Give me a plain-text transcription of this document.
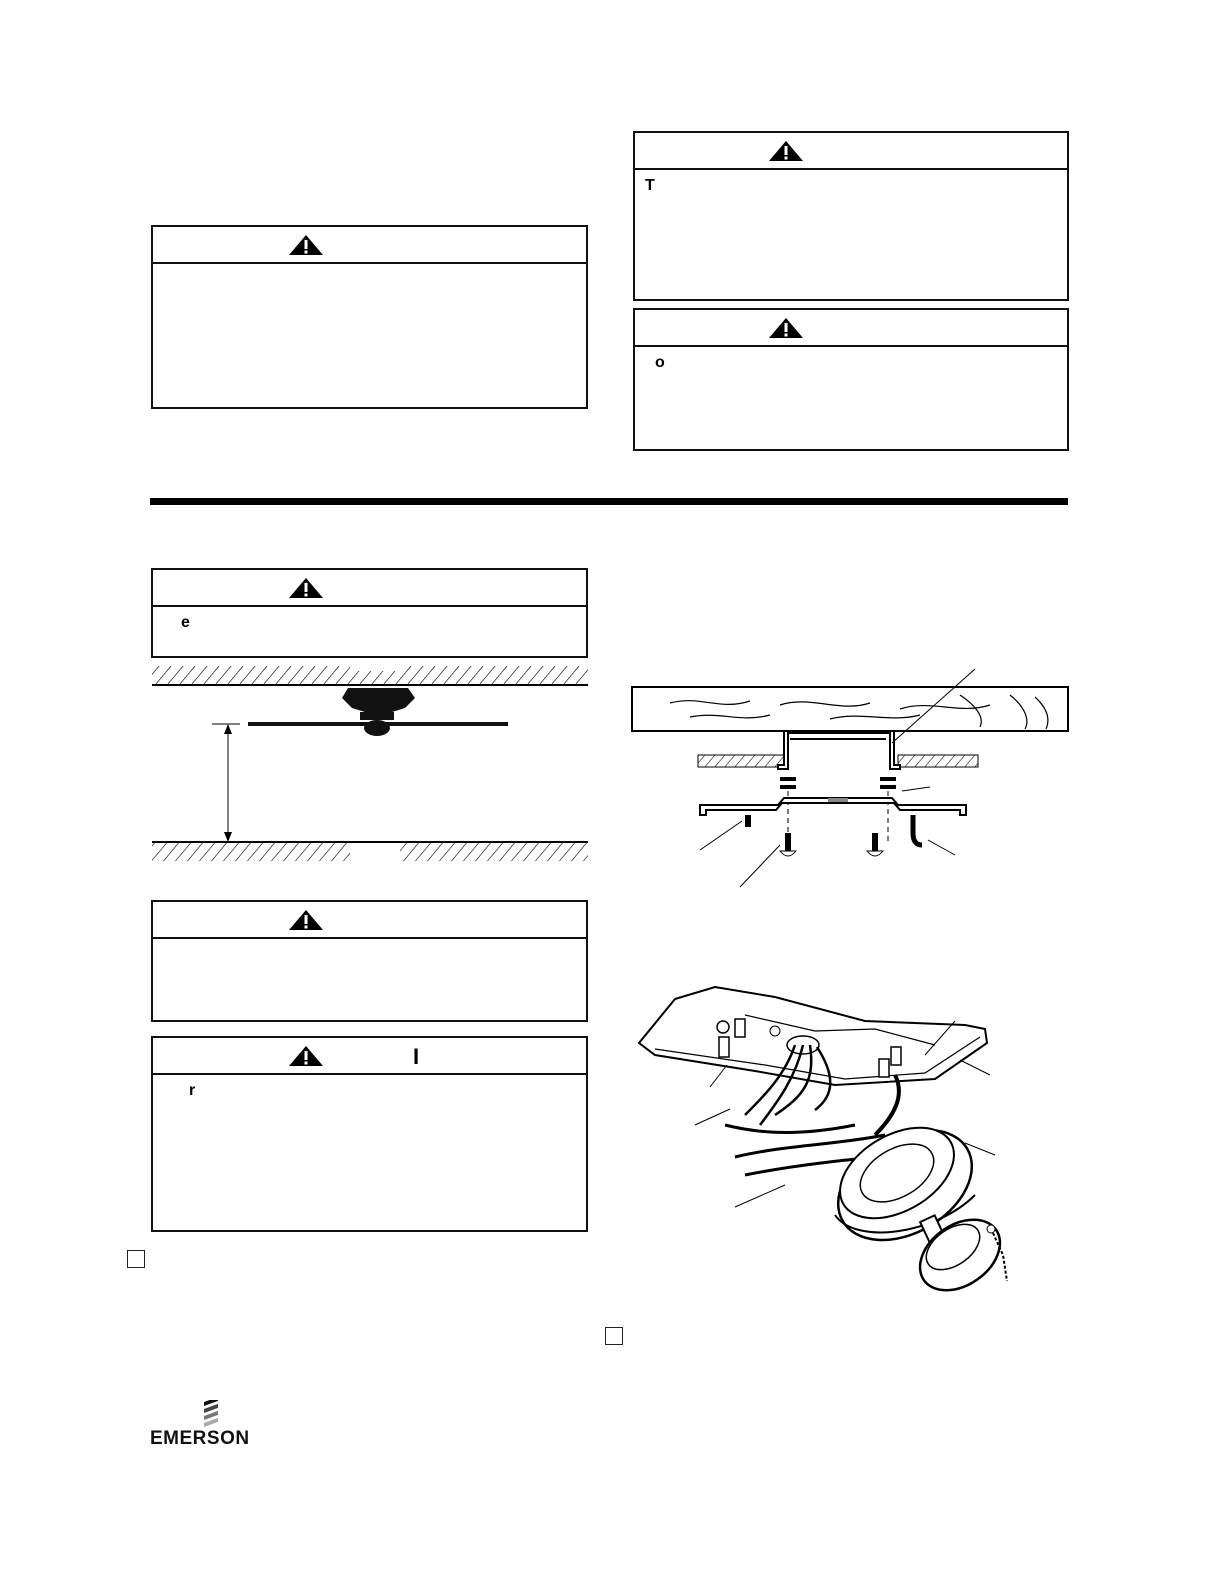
T
o
e
I
r
EMERSON
